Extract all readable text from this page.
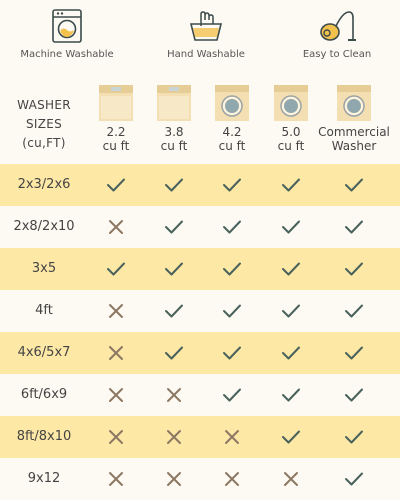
Machine Washable	Hand Washable	Easy to Clean
WASHER
SIZES
(cu,FT)
2.2
cu ft
3.8
cu ft
4.2
cu ft
5.0
cu ft
Commercial
Washer
2x3/2x6
2x8/2x10
3x5
4ft
4x6/5x7
6ft/6x9
8ft/8x10
9x12
